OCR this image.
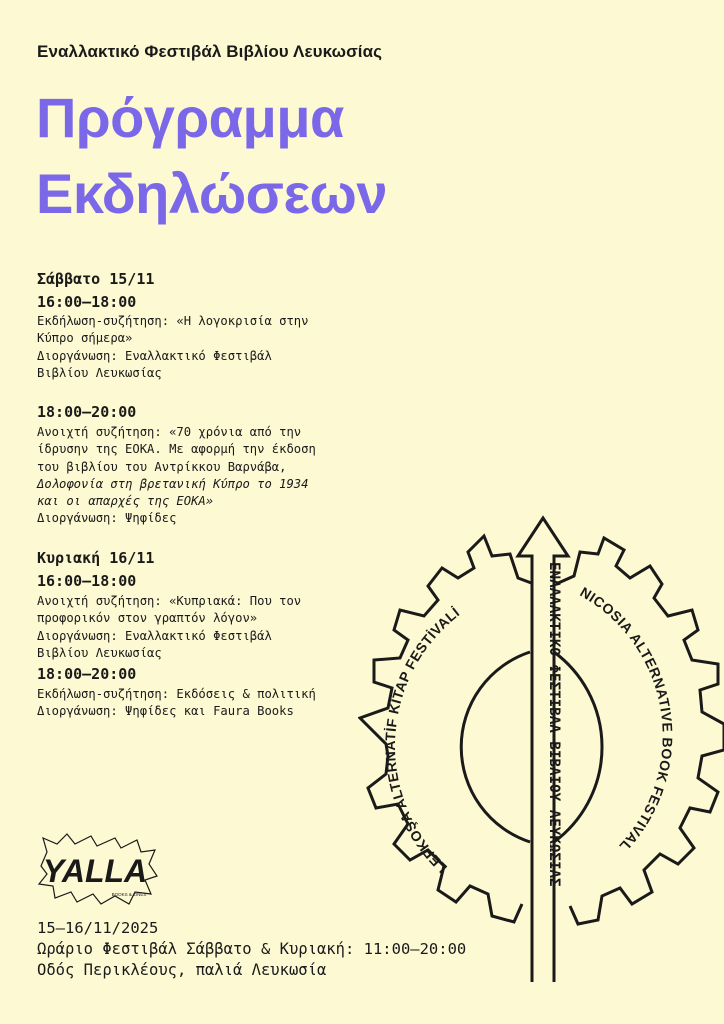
Εναλλακτικό Φεστιβάλ Βιβλίου Λευκωσίας
Πρόγραμμα
Εκδηλώσεων
Σάββατο 15/11
16:00–18:00
Εκδήλωση-συζήτηση: «Η λογοκρισία στην
Κύπρο σήμερα»
Διοργάνωση: Εναλλακτικό Φεστιβάλ
Βιβλίου Λευκωσίας
18:00–20:00
Ανοιχτή συζήτηση: «70 χρόνια από την
ίδρυσην της ΕΟΚΑ. Με αφορμή την έκδοση
του βιβλίου του Αντρίκκου Βαρνάβα,
Δολοφονία στη βρετανική Κύπρο το 1934
και οι απαρχές της ΕΟΚΑ»
Διοργάνωση: Ψηφίδες
Κυριακή 16/11
16:00–18:00
Ανοιχτή συζήτηση: «Κυπριακά: Που τον
προφορικόν στον γραπτόν λόγον»
Διοργάνωση: Εναλλακτικό Φεστιβάλ
Βιβλίου Λευκωσίας
18:00–20:00
Εκδήλωση-συζήτηση: Εκδόσεις & πολιτική
Διοργάνωση: Ψηφίδες και Faura Books
YALLA
BOOKS & ZINES
15–16/11/2025
Ωράριο Φεστιβάλ Σάββατο & Κυριακή: 11:00–20:00
Οδός Περικλέους, παλιά Λευκωσία
ΕΝΑΛΛΑΚΤΙΚΟ ΦΕΣΤΙΒΑΛ ΒΙΒΛΙΟΥ ΛΕΥΚΩΣΙΑΣ NICOSIA ALTERNATIVE BOOK FESTIVAL
LEFKOŞA ALTERNATİF KİTAP FESTİVALİ
